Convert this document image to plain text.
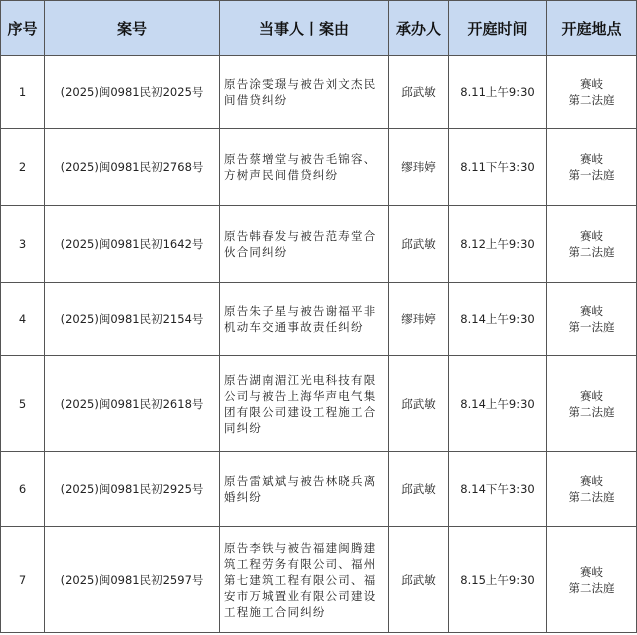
序号	案号	当事人丨案由	承办人	开庭时间	开庭地点
1	(2025)闽0981民初2025号	原告涂雯璟与被告刘文杰民间借贷纠纷	邱武敏	8.11上午9:30	赛岐
第二法庭

2	(2025)闽0981民初2768号	原告蔡增堂与被告毛锦容、方树声民间借贷纠纷	缪玮婷	8.11下午3:30	赛岐
第一法庭

3	(2025)闽0981民初1642号	原告韩春发与被告范寿堂合伙合同纠纷	邱武敏	8.12上午9:30	赛岐
第二法庭

4	(2025)闽0981民初2154号	原告朱子星与被告谢福平非机动车交通事故责任纠纷	缪玮婷	8.14上午9:30	赛岐
第一法庭

5	(2025)闽0981民初2618号	原告湖南湄江光电科技有限公司与被告上海华声电气集团有限公司建设工程施工合同纠纷	邱武敏	8.14上午9:30	赛岐
第二法庭

6	(2025)闽0981民初2925号	原告雷斌斌与被告林晓兵离婚纠纷	邱武敏	8.14下午3:30	赛岐
第二法庭

7	(2025)闽0981民初2597号	原告李铁与被告福建闽腾建筑工程劳务有限公司、福州第七建筑工程有限公司、福安市万城置业有限公司建设工程施工合同纠纷	邱武敏	8.15上午9:30	赛岐
第二法庭
